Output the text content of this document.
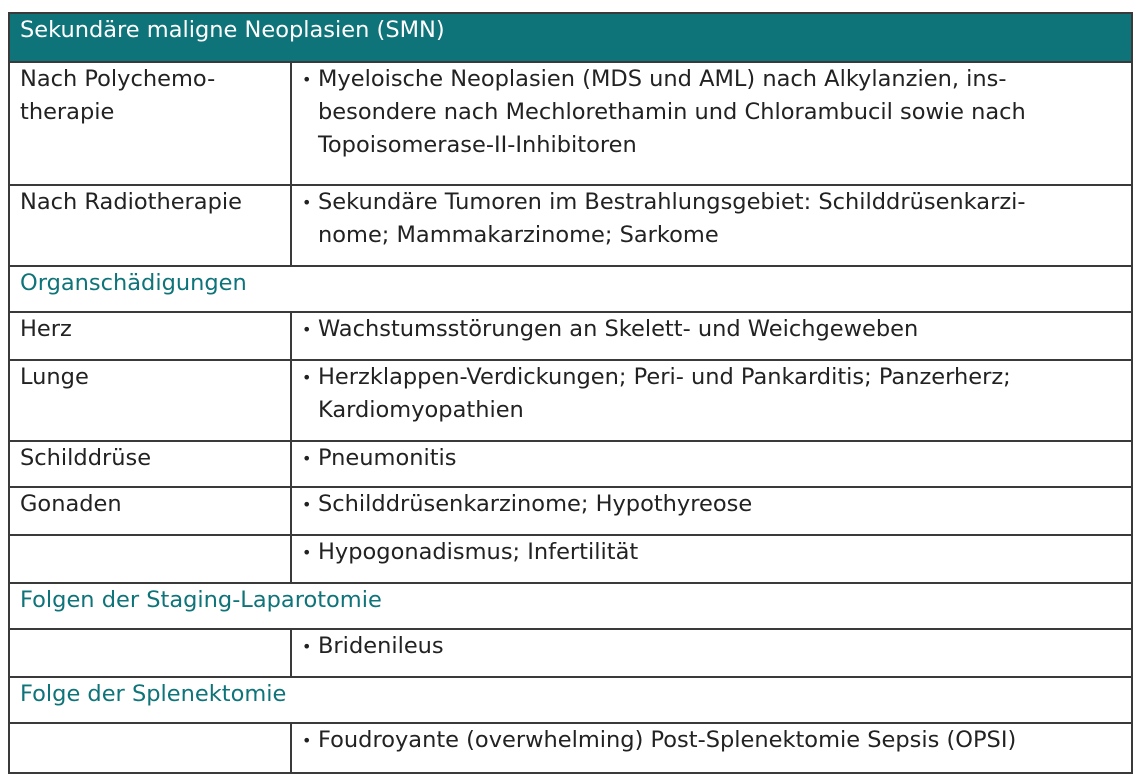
Sekundäre maligne Neoplasien (SMN)	
Nach Polychemo-
therapie	• Myeloische Neoplasien (MDS und AML) nach Alkylanzien, ins-
besondere nach Mechlorethamin und Chlorambucil sowie nach
Topoisomerase-II-Inhibitoren

Nach Radiotherapie	• Sekundäre Tumoren im Bestrahlungsgebiet: Schilddrüsenkarzi-
nome; Mammakarzinome; Sarkome

Organschädigungen	
Herz	• Wachstumsstörungen an Skelett- und Weichgeweben

Lunge	• Herzklappen-Verdickungen; Peri- und Pankarditis; Panzerherz;
Kardiomyopathien

Schilddrüse	• Pneumonitis

Gonaden	• Schilddrüsenkarzinome; Hypothyreose

	• Hypogonadismus; Infertilität

Folgen der Staging-Laparotomie	

	• Bridenileus

Folge der Splenektomie	

	• Foudroyante (overwhelming) Post-Splenektomie Sepsis (OPSI)
